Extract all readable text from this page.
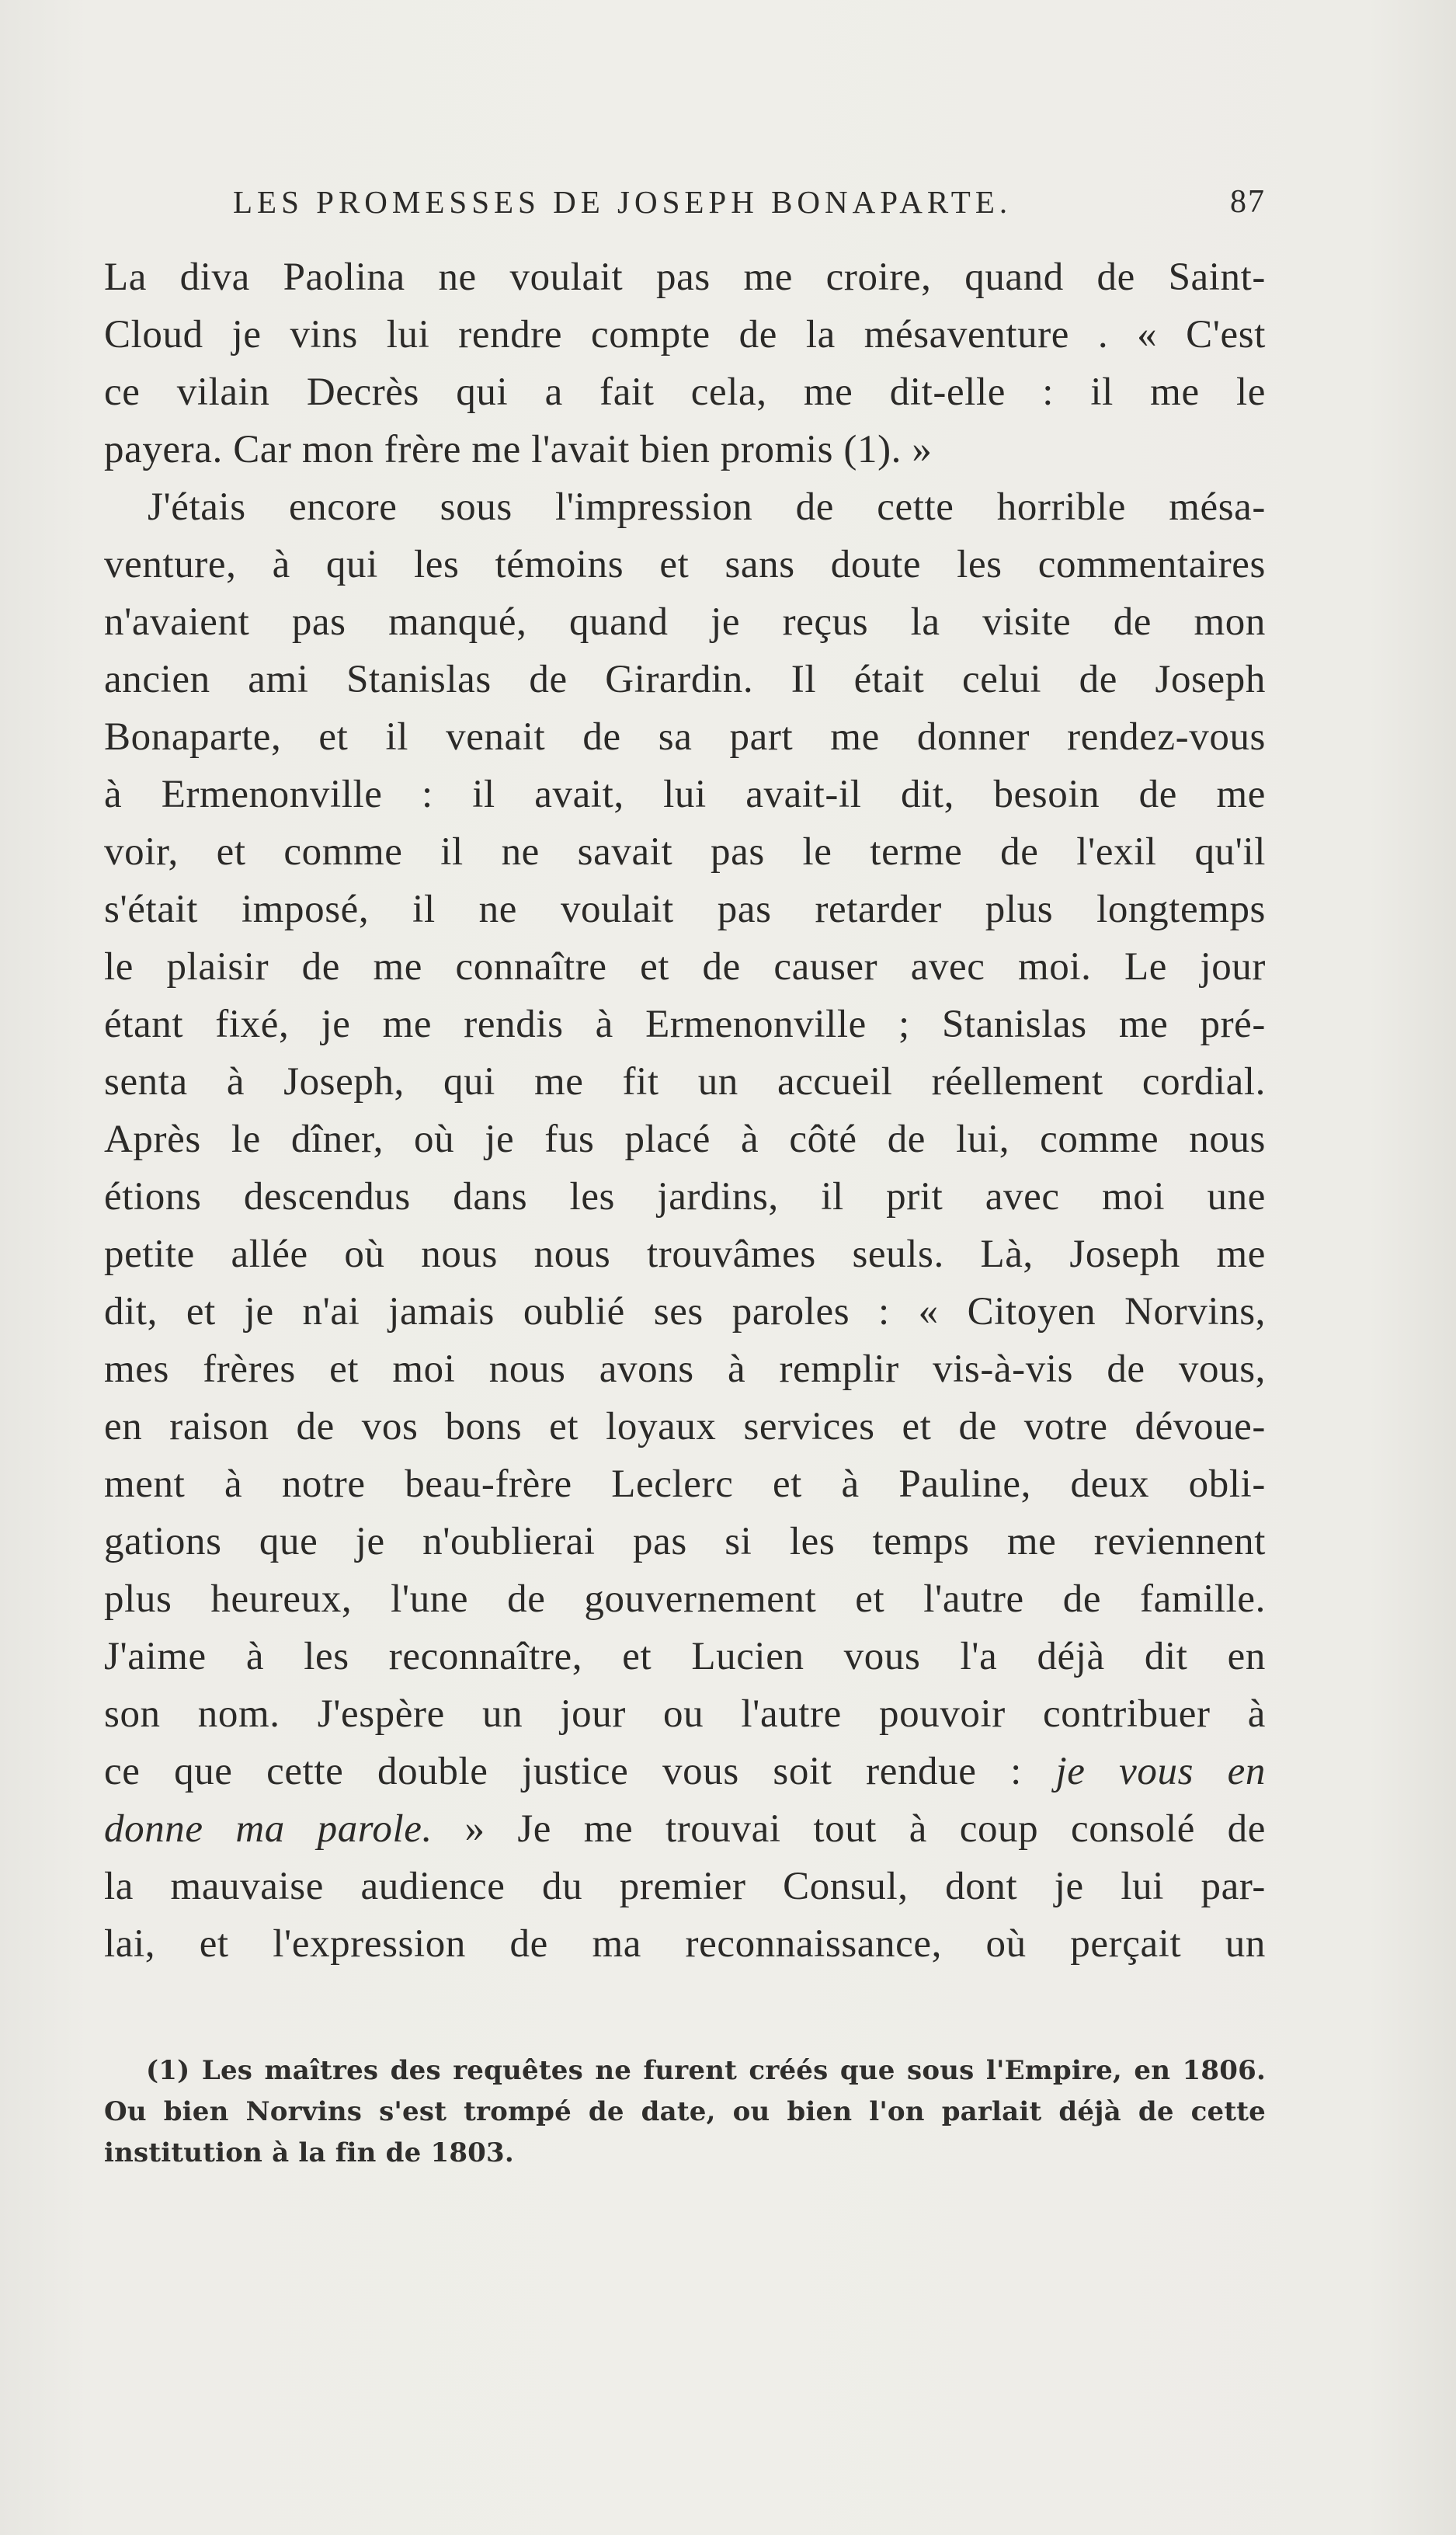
LES PROMESSES DE JOSEPH BONAPARTE.	87
La diva Paolina ne voulait pas me croire, quand de Saint-
Cloud je vins lui rendre compte de la mésaventure . « C'est
ce vilain Decrès qui a fait cela, me dit-elle : il me le
payera. Car mon frère me l'avait bien promis (1). »
J'étais encore sous l'impression de cette horrible mésa-
venture, à qui les témoins et sans doute les commentaires
n'avaient pas manqué, quand je reçus la visite de mon
ancien ami Stanislas de Girardin. Il était celui de Joseph
Bonaparte, et il venait de sa part me donner rendez-vous
à Ermenonville : il avait, lui avait-il dit, besoin de me
voir, et comme il ne savait pas le terme de l'exil qu'il
s'était imposé, il ne voulait pas retarder plus longtemps
le plaisir de me connaître et de causer avec moi. Le jour
étant fixé, je me rendis à Ermenonville ; Stanislas me pré-
senta à Joseph, qui me fit un accueil réellement cordial.
Après le dîner, où je fus placé à côté de lui, comme nous
étions descendus dans les jardins, il prit avec moi une
petite allée où nous nous trouvâmes seuls. Là, Joseph me
dit, et je n'ai jamais oublié ses paroles : « Citoyen Norvins,
mes frères et moi nous avons à remplir vis-à-vis de vous,
en raison de vos bons et loyaux services et de votre dévoue-
ment à notre beau-frère Leclerc et à Pauline, deux obli-
gations que je n'oublierai pas si les temps me reviennent
plus heureux, l'une de gouvernement et l'autre de famille.
J'aime à les reconnaître, et Lucien vous l'a déjà dit en
son nom. J'espère un jour ou l'autre pouvoir contribuer à
ce que cette double justice vous soit rendue : je vous en
donne ma parole. » Je me trouvai tout à coup consolé de
la mauvaise audience du premier Consul, dont je lui par-
lai, et l'expression de ma reconnaissance, où perçait un
(1) Les maîtres des requêtes ne furent créés que sous l'Empire, en 1806.
Ou bien Norvins s'est trompé de date, ou bien l'on parlait déjà de cette
institution à la fin de 1803.
